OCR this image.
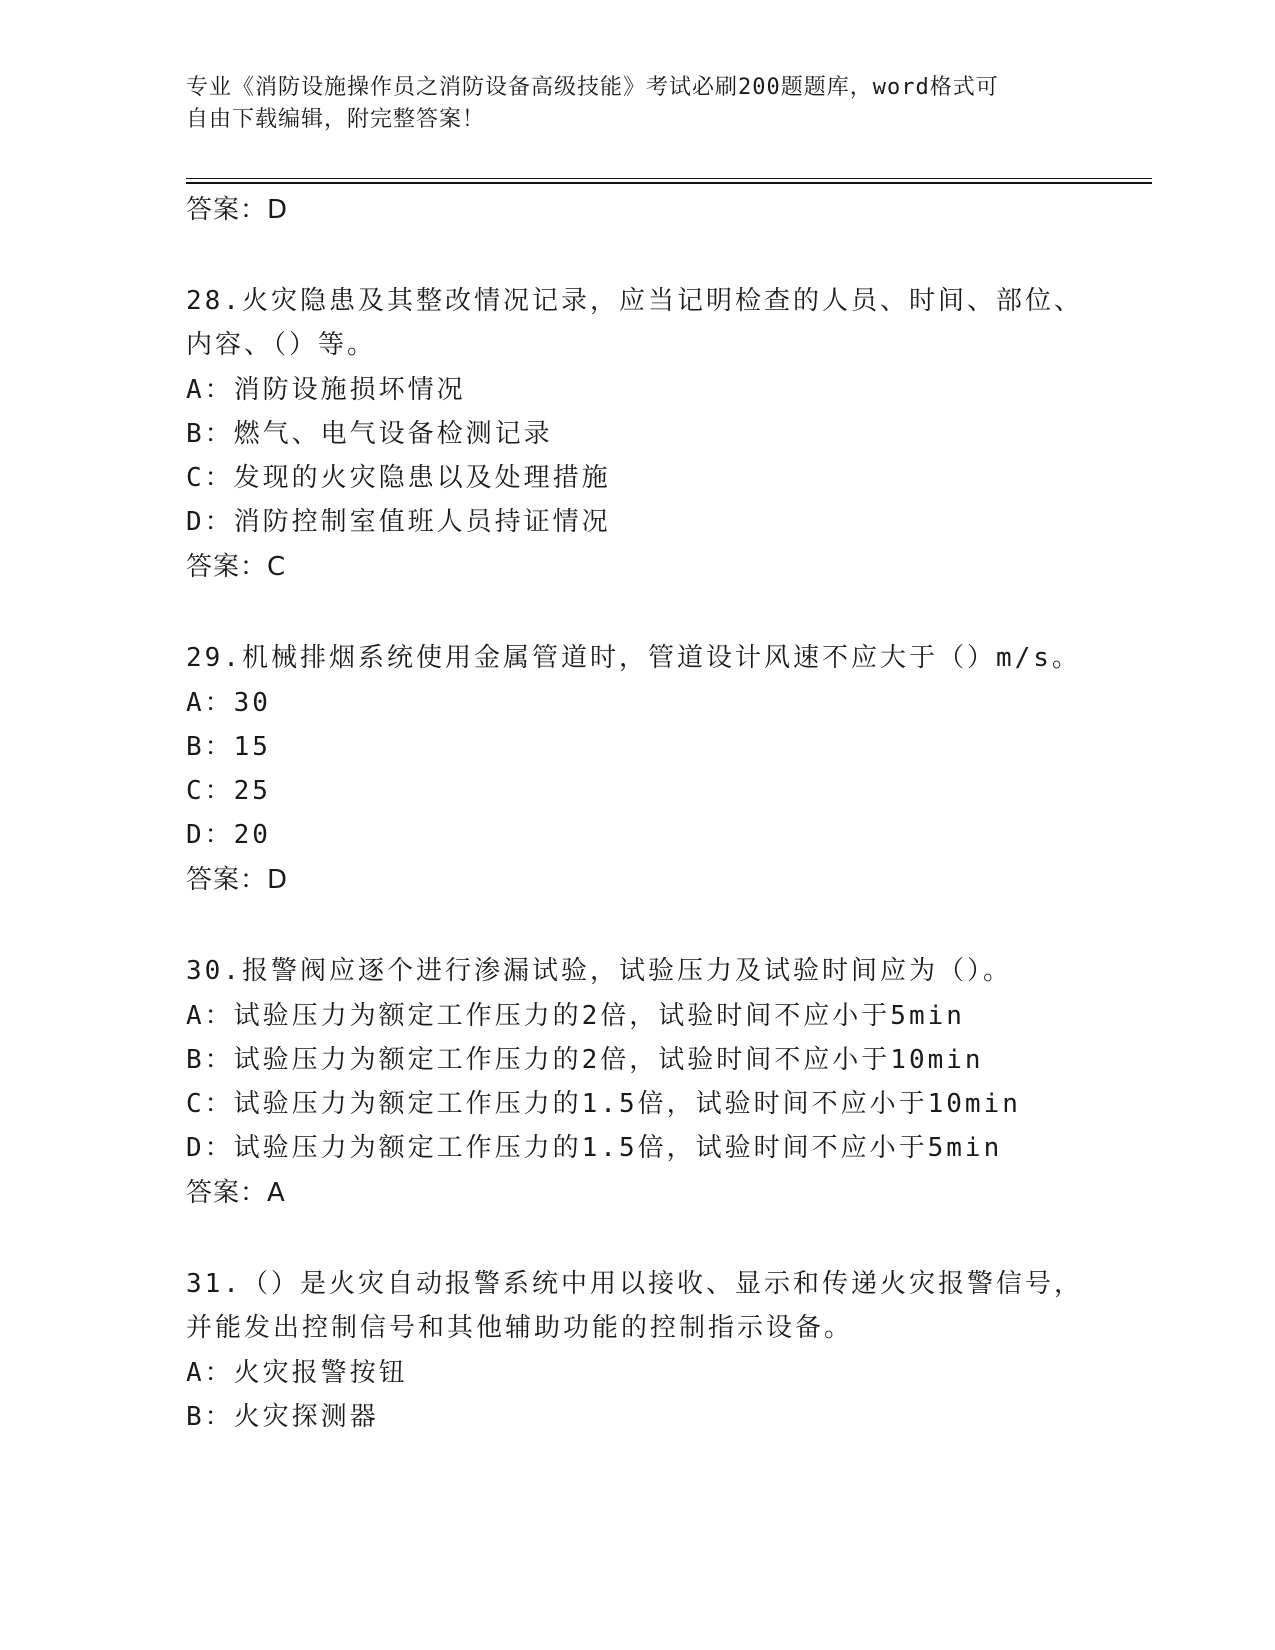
专业《消防设施操作员之消防设备高级技能》考试必刷200题题库，word格式可
自由下载编辑，附完整答案！
答案：D
28.火灾隐患及其整改情况记录，应当记明检查的人员、时间、部位、
内容、（）等。
A：消防设施损坏情况
B：燃气、电气设备检测记录
C：发现的火灾隐患以及处理措施
D：消防控制室值班人员持证情况
答案：C
29.机械排烟系统使用金属管道时，管道设计风速不应大于（）m/s。
A：30
B：15
C：25
D：20
答案：D
30.报警阀应逐个进行渗漏试验，试验压力及试验时间应为（）。
A：试验压力为额定工作压力的2倍，试验时间不应小于5min
B：试验压力为额定工作压力的2倍，试验时间不应小于10min
C：试验压力为额定工作压力的1.5倍，试验时间不应小于10min
D：试验压力为额定工作压力的1.5倍，试验时间不应小于5min
答案：A
31.（）是火灾自动报警系统中用以接收、显示和传递火灾报警信号，
并能发出控制信号和其他辅助功能的控制指示设备。
A：火灾报警按钮
B：火灾探测器
